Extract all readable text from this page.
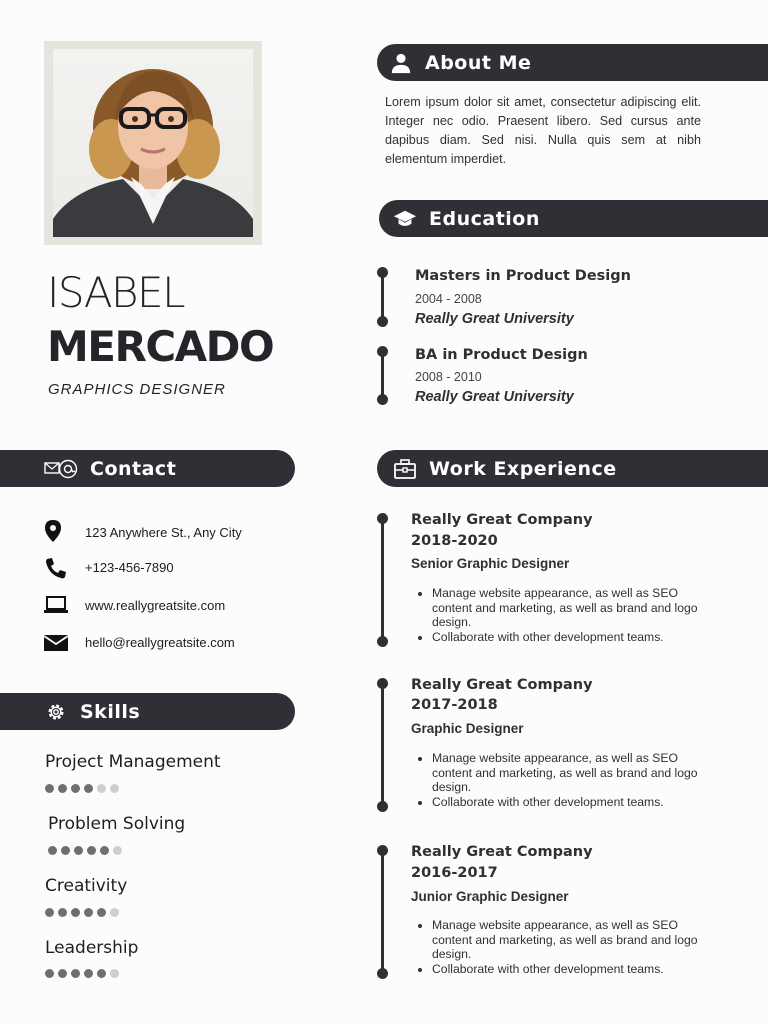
ISABEL
MERCADO
GRAPHICS DESIGNER
About Me
Lorem ipsum dolor sit amet, consectetur adipiscing elit. Integer nec odio. Praesent libero. Sed cursus ante dapibus diam. Sed nisi. Nulla quis sem at nibh elementum imperdiet.
Education
Masters in Product Design
2004 - 2008
Really Great University
BA in Product Design
2008 - 2010
Really Great University
Contact
123 Anywhere St., Any City
+123-456-7890
www.reallygreatsite.com
hello@reallygreatsite.com
Skills
Project Management
Problem Solving
Creativity
Leadership
Work Experience
Really Great Company
2018-2020
Senior Graphic Designer
• Manage website appearance, as well as SEO content and marketing, as well as brand and logo design.
• Collaborate with other development teams.
Really Great Company
2017-2018
Graphic Designer
• Manage website appearance, as well as SEO content and marketing, as well as brand and logo design.
• Collaborate with other development teams.
Really Great Company
2016-2017
Junior Graphic Designer
• Manage website appearance, as well as SEO content and marketing, as well as brand and logo design.
• Collaborate with other development teams.
